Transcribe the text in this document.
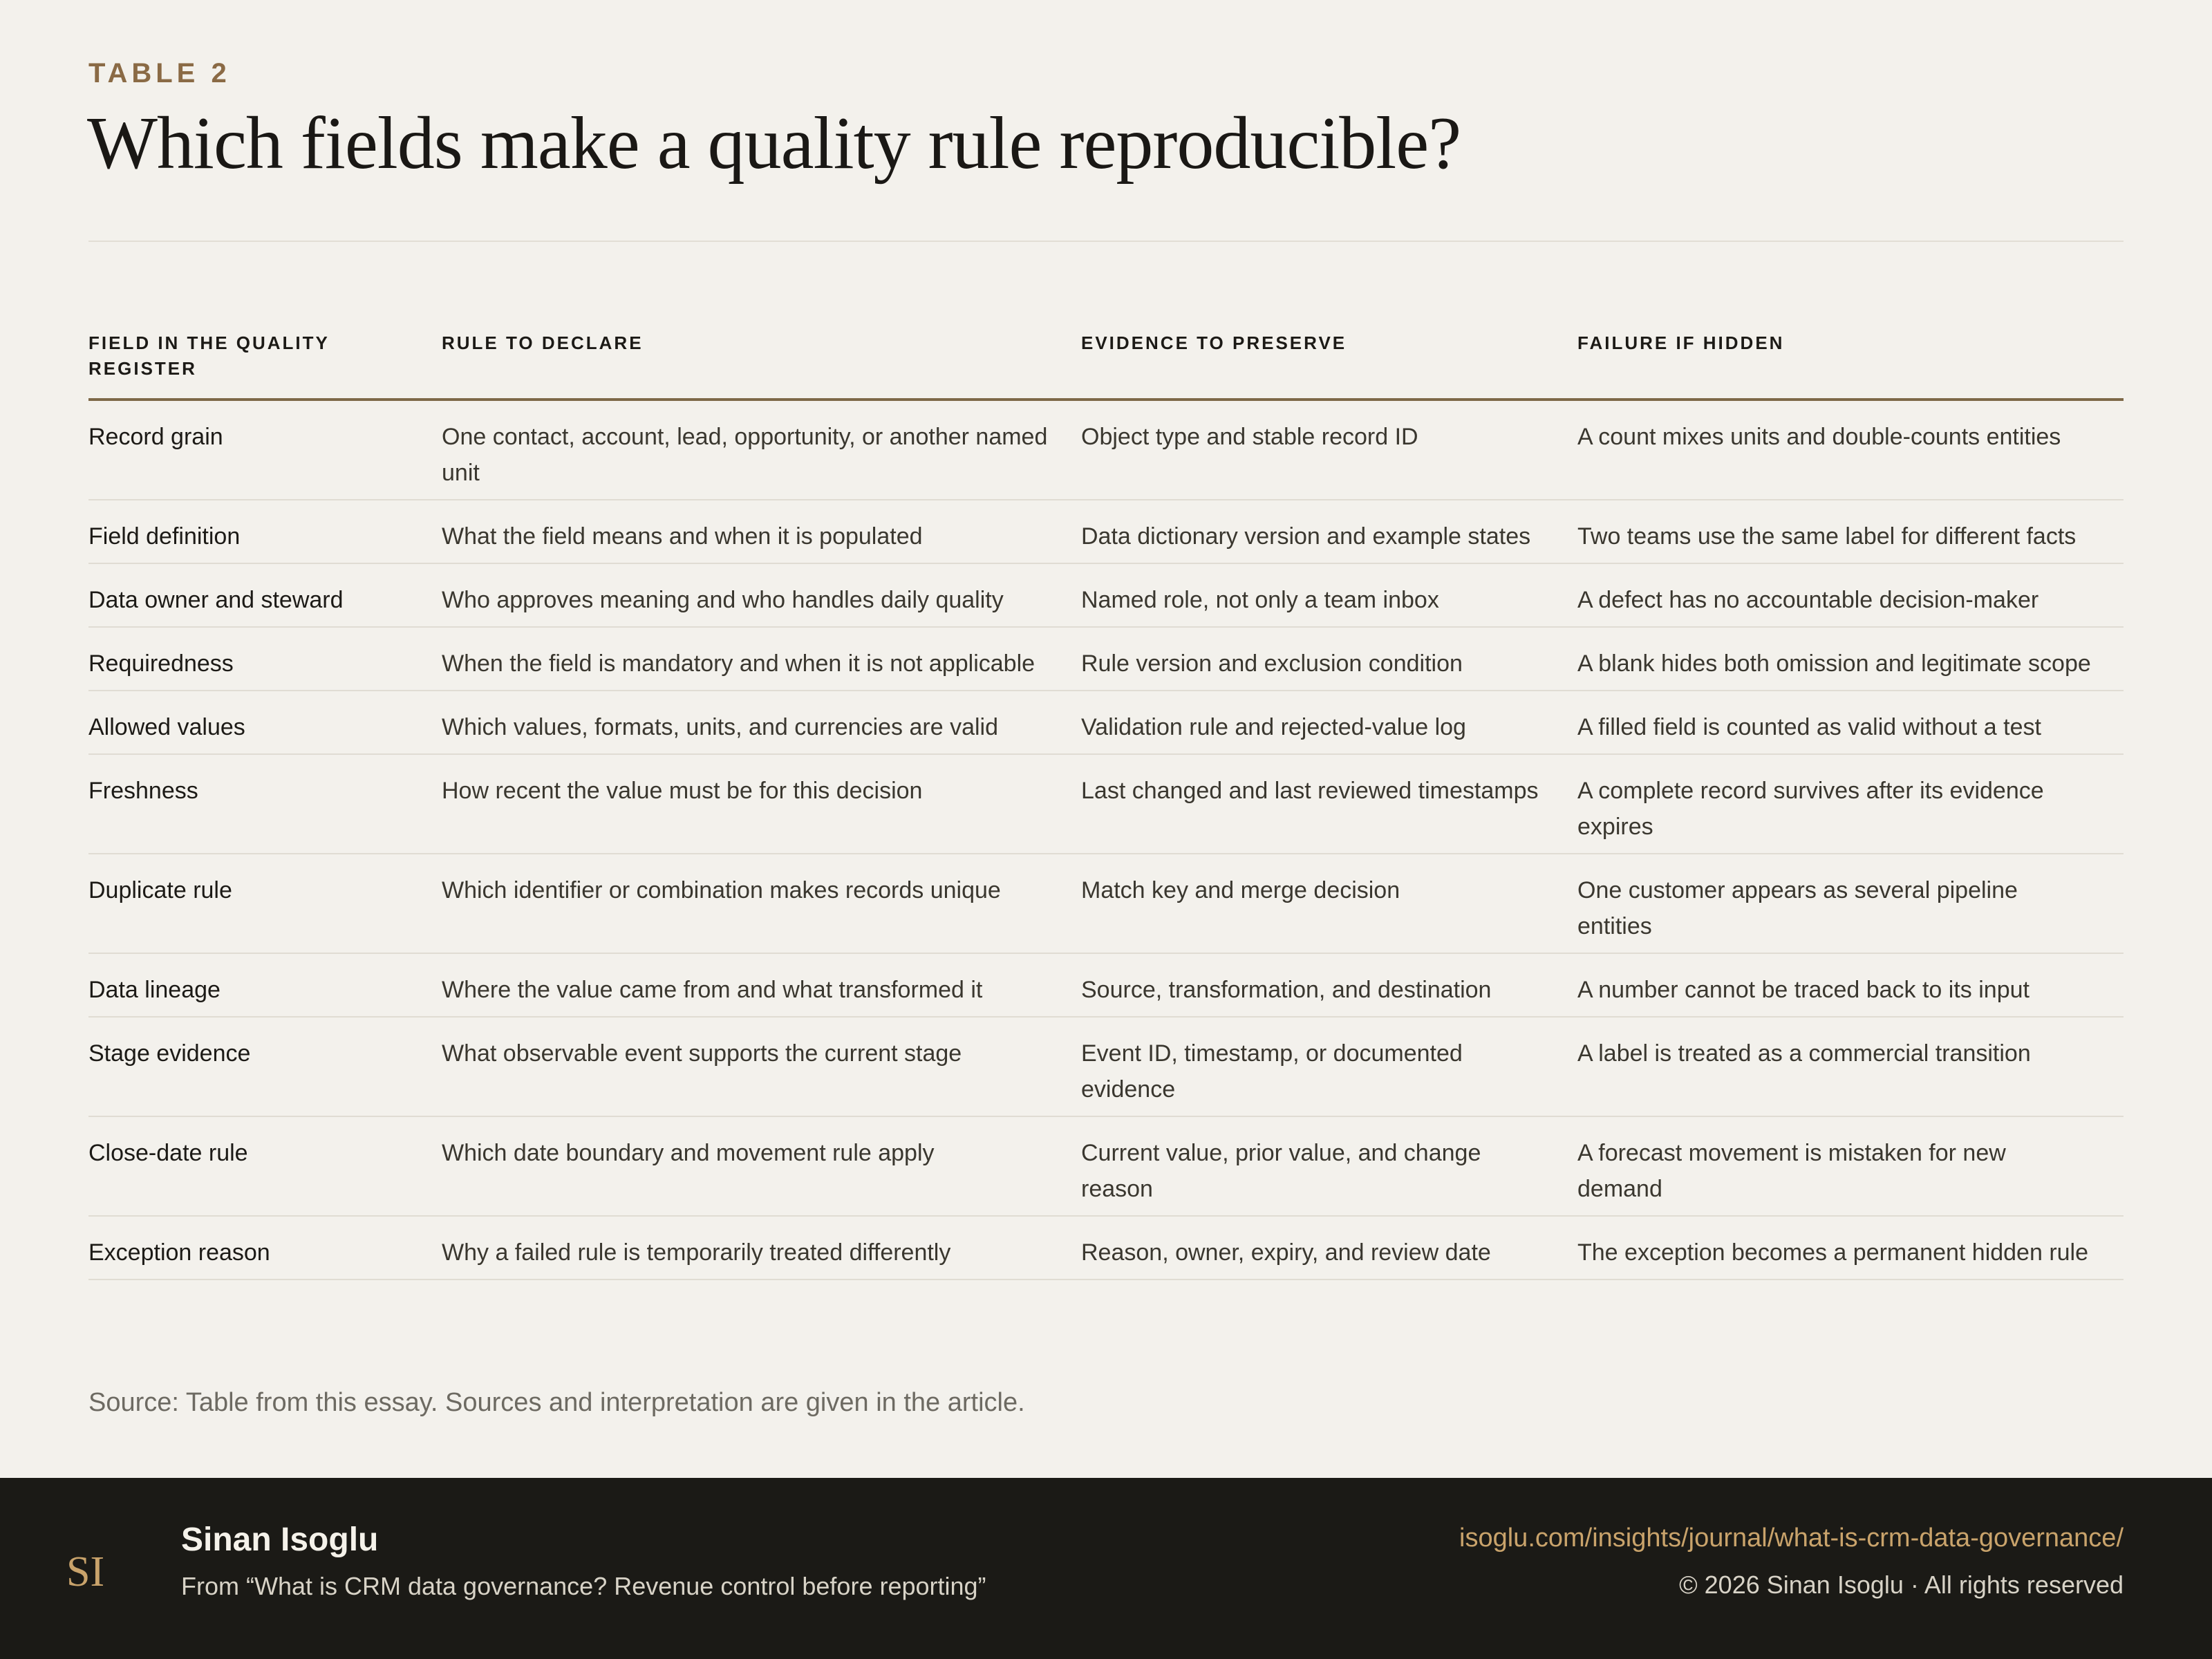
TABLE 2
Which fields make a quality rule reproducible?
FIELD IN THE QUALITY REGISTER	RULE TO DECLARE	EVIDENCE TO PRESERVE	FAILURE IF HIDDEN
Record grain	One contact, account, lead, opportunity, or another named unit	Object type and stable record ID	A count mixes units and double-counts entities
Field definition	What the field means and when it is populated	Data dictionary version and example states	Two teams use the same label for different facts
Data owner and steward	Who approves meaning and who handles daily quality	Named role, not only a team inbox	A defect has no accountable decision-maker
Requiredness	When the field is mandatory and when it is not applicable	Rule version and exclusion condition	A blank hides both omission and legitimate scope
Allowed values	Which values, formats, units, and currencies are valid	Validation rule and rejected-value log	A filled field is counted as valid without a test
Freshness	How recent the value must be for this decision	Last changed and last reviewed timestamps	A complete record survives after its evidence expires
Duplicate rule	Which identifier or combination makes records unique	Match key and merge decision	One customer appears as several pipeline entities
Data lineage	Where the value came from and what transformed it	Source, transformation, and destination	A number cannot be traced back to its input
Stage evidence	What observable event supports the current stage	Event ID, timestamp, or documented evidence	A label is treated as a commercial transition
Close-date rule	Which date boundary and movement rule apply	Current value, prior value, and change reason	A forecast movement is mistaken for new demand
Exception reason	Why a failed rule is temporarily treated differently	Reason, owner, expiry, and review date	The exception becomes a permanent hidden rule

Source: Table from this essay. Sources and interpretation are given in the article.

SI
Sinan Isoglu
From “What is CRM data governance? Revenue control before reporting”
isoglu.com/insights/journal/what-is-crm-data-governance/
© 2026 Sinan Isoglu · All rights reserved
